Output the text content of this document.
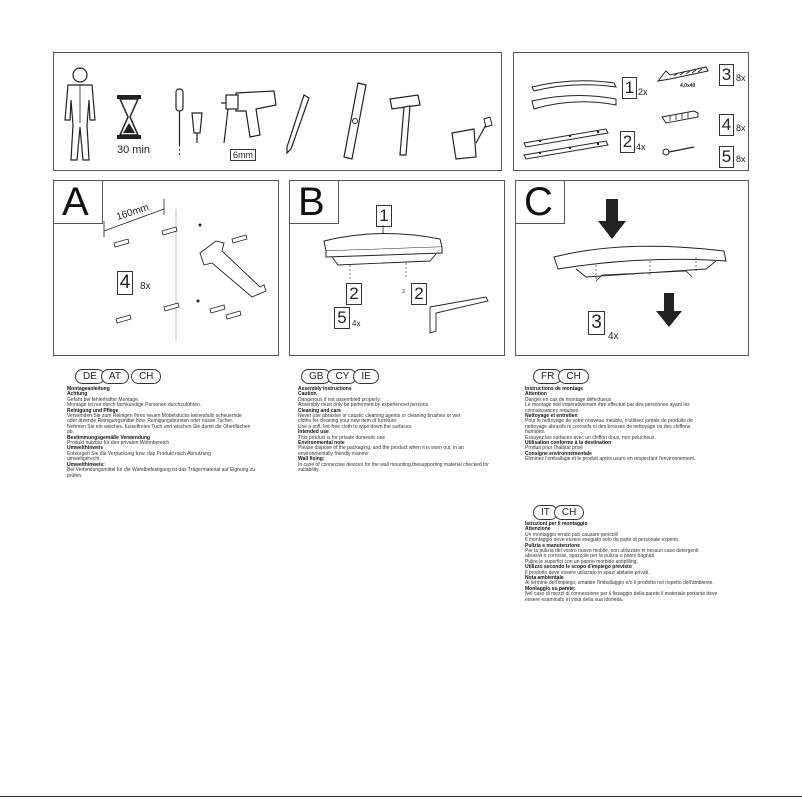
30 min	6mm
1 2x
2 4x
4,0x40
3 8x
4 8x
5 8x
A	160mm
4 8x
B	1
2	3 2
5 4x
C
3
4x
DE	AT	CH

Montageanleitung

Achtung

Gefahr bei fehlerhafter Montage.

Montage ist nur durch fachkundige Personen durchzuführen.

Reinigung und Pflege

Verwenden Sie zum Reinigen Ihres neuen Möbelstücks keinesfalls scheuernde

oder ätzende Reinigungsmittel bzw. Reinigungsbürsten oder nasse Tücher.

Nehmen Sie ein weiches, fusselfreies Tuch und wischen Sie damit die Oberflächen

ab.

Bestimmungsgemäße Verwendung

Produkt nutzbar für den privaten Wohnbereich

Umwelthinweis

Entsorgen Sie die Verpackung bzw. das Produkt nach Abnutzung

umweltgerecht.

Umwelthinweis:

Bei Verbindungsmittel für die Wandbefestigung ist das Trägermaterial auf Eignung zu

prüfen.

GB	CY	IE

Assembly instructions

Caution

Dangerous if not assembled properly.

Assembly must only be performed by experienced persons.

Cleaning and care

Never use abrasive or caustic cleaning agents or cleaning brushes or wet

cloths for cleaning your new item of furniture.

Use a soft, lint-free cloth to wipe down the surfaces.

Intended use

This product is for private domestic use

Environmental note

Please dispose of the packaging, and the product when it is worn out, in an

environmentally friendly manner.

Wall fixing:

In case of connective devices for the wall mounting,thesupporting material checked for

suitability.

FR	CH

Instructions de montage

Attention

Danger en cas de montage défectueux.

Le montage doit impérativement être effectué par des personnes ayant les

connaissances requises.

Nettoyage et entretien

Pour le nettoyage de votre nouveau meuble, n'utilisez jamais de produits de

nettoyage abrasifs ni corrosifs ni des brosses de nettoyage ou des chiffons

humides.

Essuyez les surfaces avec un chiffon doux, non pelucheux.

Utilisation conforme à la destination

Produit pour l'habitat privé

Consigne environnementale

Éliminez l'emballage et le produit après usure en respectant l'environnement.

IT	CH

Istruzioni per il montaggio

Attenzione

Un montaggio errato può causare pericoli!

Il montaggio deve essere eseguito solo da parte di personale esperto.

Pulizia e manutenzione

Per la pulizia del vostro nuovo mobile, non utilizzare in nessun caso detergenti

abrasivi o corrosivi, spazzole per la pulizia o panni bagnati.

Pulire le superfici con un panno morbido antipilling.

Utilizzo secondo le scopo d'impiego previsto

Il prodotto deve essere utilizzato in spazi abitativi privati.

Nota ambientale

Al termine dell'impiego, smaltire l'imballaggio e/o il prodotto nel rispetto dell'ambiente.

Montaggio su parete:

Nel caso di mezzi di connessione per il fissaggio della parete il materiale portante deve

essere esaminato in vista della sua idoneità.
